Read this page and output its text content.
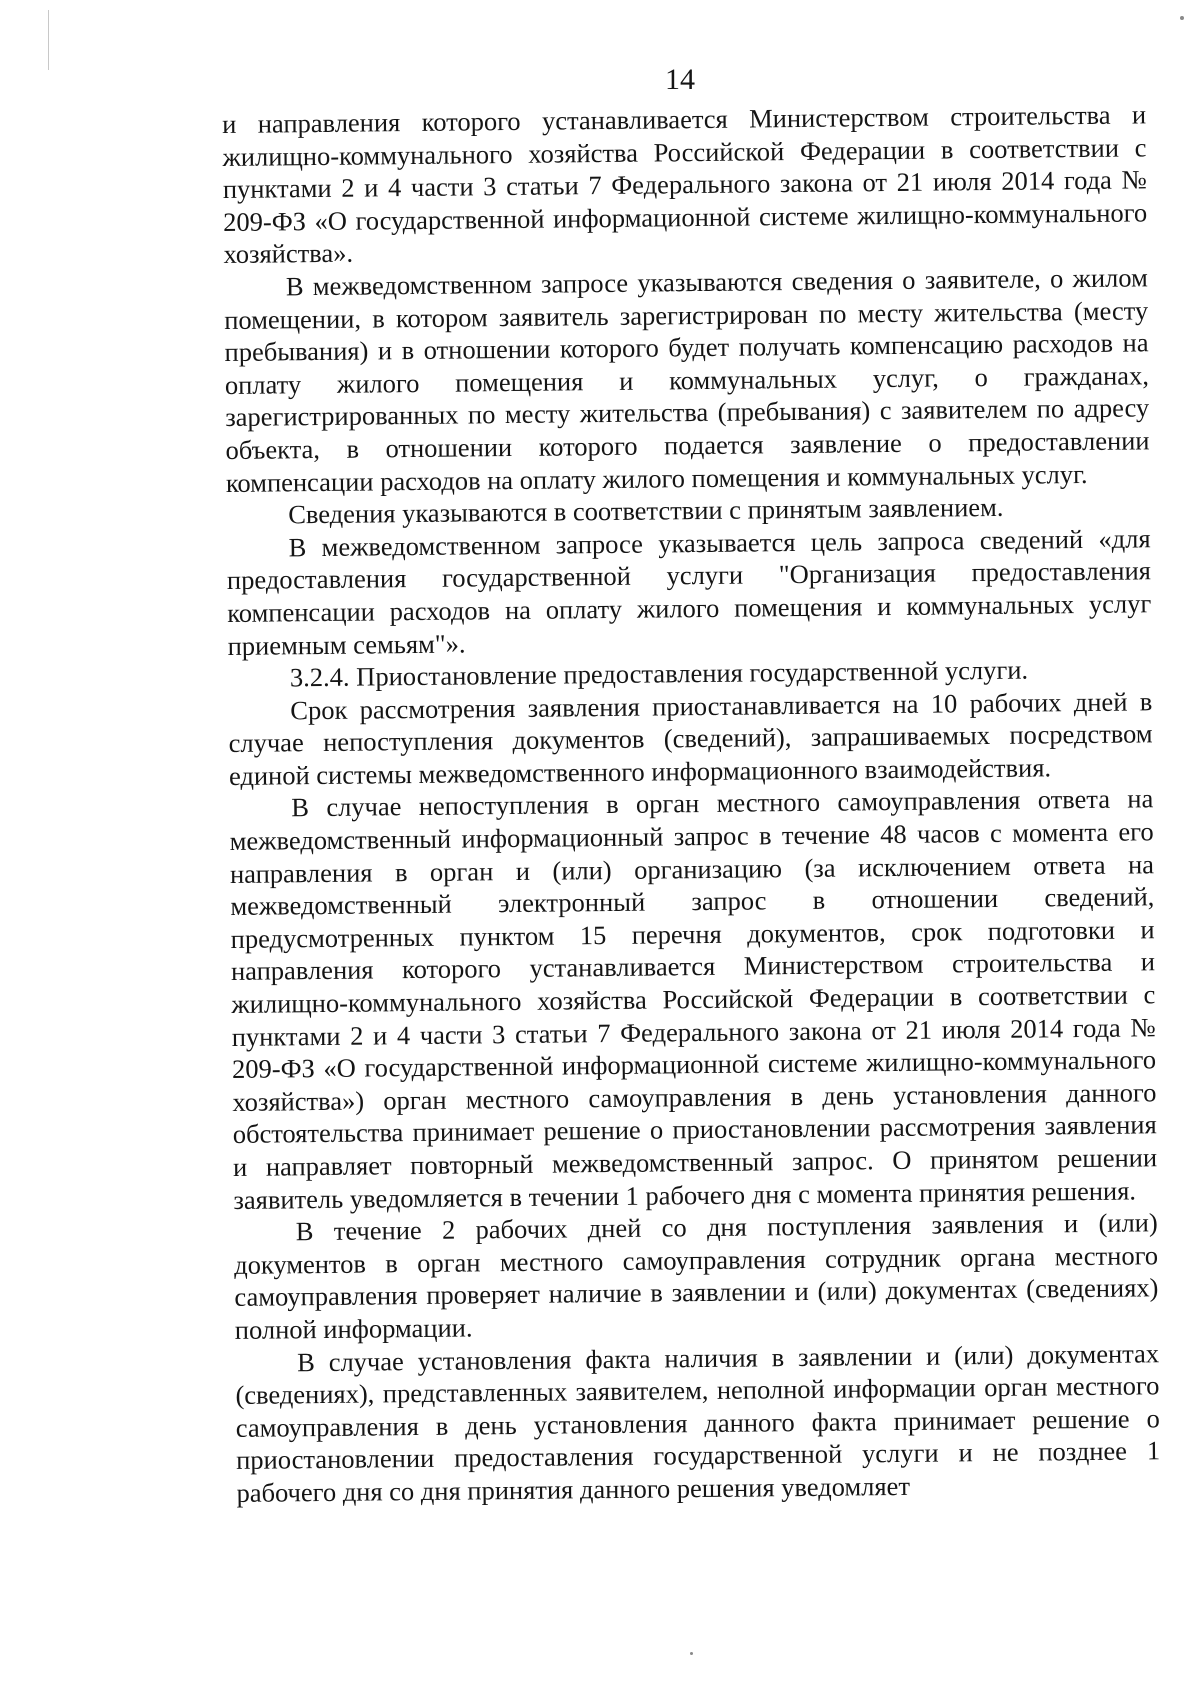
14

и направления которого устанавливается Министерством строительства и жилищно-коммунального хозяйства Российской Федерации в соответствии с пунктами 2 и 4 части 3 статьи 7 Федерального закона от 21 июля 2014 года № 209-ФЗ «О государственной информационной системе жилищно-коммунального хозяйства».

В межведомственном запросе указываются сведения о заявителе, о жилом помещении, в котором заявитель зарегистрирован по месту жительства (месту пребывания) и в отношении которого будет получать компенсацию расходов на оплату жилого помещения и коммунальных услуг, о гражданах, зарегистрированных по месту жительства (пребывания) с заявителем по адресу объекта, в отношении которого подается заявление о предоставлении компенсации расходов на оплату жилого помещения и коммунальных услуг.

Сведения указываются в соответствии с принятым заявлением.

В межведомственном запросе указывается цель запроса сведений «для предоставления государственной услуги "Организация предоставления компенсации расходов на оплату жилого помещения и коммунальных услуг приемным семьям"».

3.2.4. Приостановление предоставления государственной услуги.

Срок рассмотрения заявления приостанавливается на 10 рабочих дней в случае непоступления документов (сведений), запрашиваемых посредством единой системы межведомственного информационного взаимодействия.

В случае непоступления в орган местного самоуправления ответа на межведомственный информационный запрос в течение 48 часов с момента его направления в орган и (или) организацию (за исключением ответа на межведомственный электронный запрос в отношении сведений, предусмотренных пунктом 15 перечня документов, срок подготовки и направления которого устанавливается Министерством строительства и жилищно-коммунального хозяйства Российской Федерации в соответствии с пунктами 2 и 4 части 3 статьи 7 Федерального закона от 21 июля 2014 года № 209-ФЗ «О государственной информационной системе жилищно-коммунального хозяйства») орган местного самоуправления в день установления данного обстоятельства принимает решение о приостановлении рассмотрения заявления и направляет повторный межведомственный запрос. О принятом решении заявитель уведомляется в течении 1 рабочего дня с момента принятия решения.

В течение 2 рабочих дней со дня поступления заявления и (или) документов в орган местного самоуправления сотрудник органа местного самоуправления проверяет наличие в заявлении и (или) документах (сведениях) полной информации.

В случае установления факта наличия в заявлении и (или) документах (сведениях), представленных заявителем, неполной информации орган местного самоуправления в день установления данного факта принимает решение о приостановлении предоставления государственной услуги и не позднее 1 рабочего дня со дня принятия данного решения уведомляет
